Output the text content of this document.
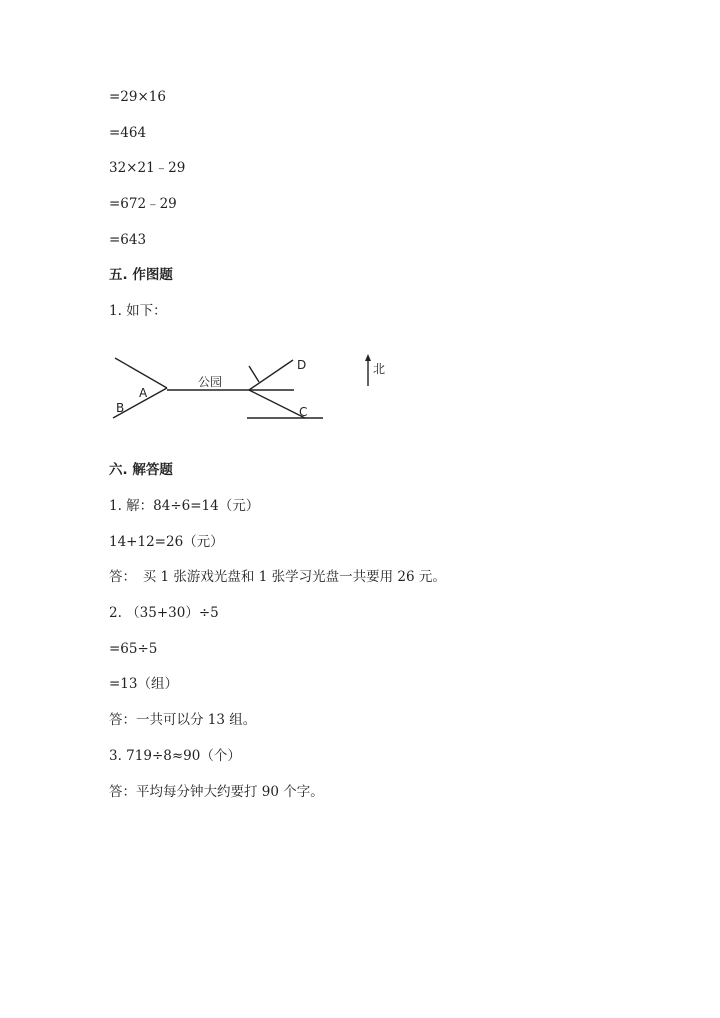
=29×16
=464
32×21﹣29
=672﹣29
=643
五. 作图题
1. 如下：
公园
A
B
D
C
北
六. 解答题
1. 解：84÷6=14（元）
14+12=26（元）
答：　买 1 张游戏光盘和 1 张学习光盘一共要用 26 元。
2. （35+30）÷5
=65÷5
=13（组）
答：一共可以分 13 组。
3. 719÷8≈90（个）
答：平均每分钟大约要打 90 个字。
